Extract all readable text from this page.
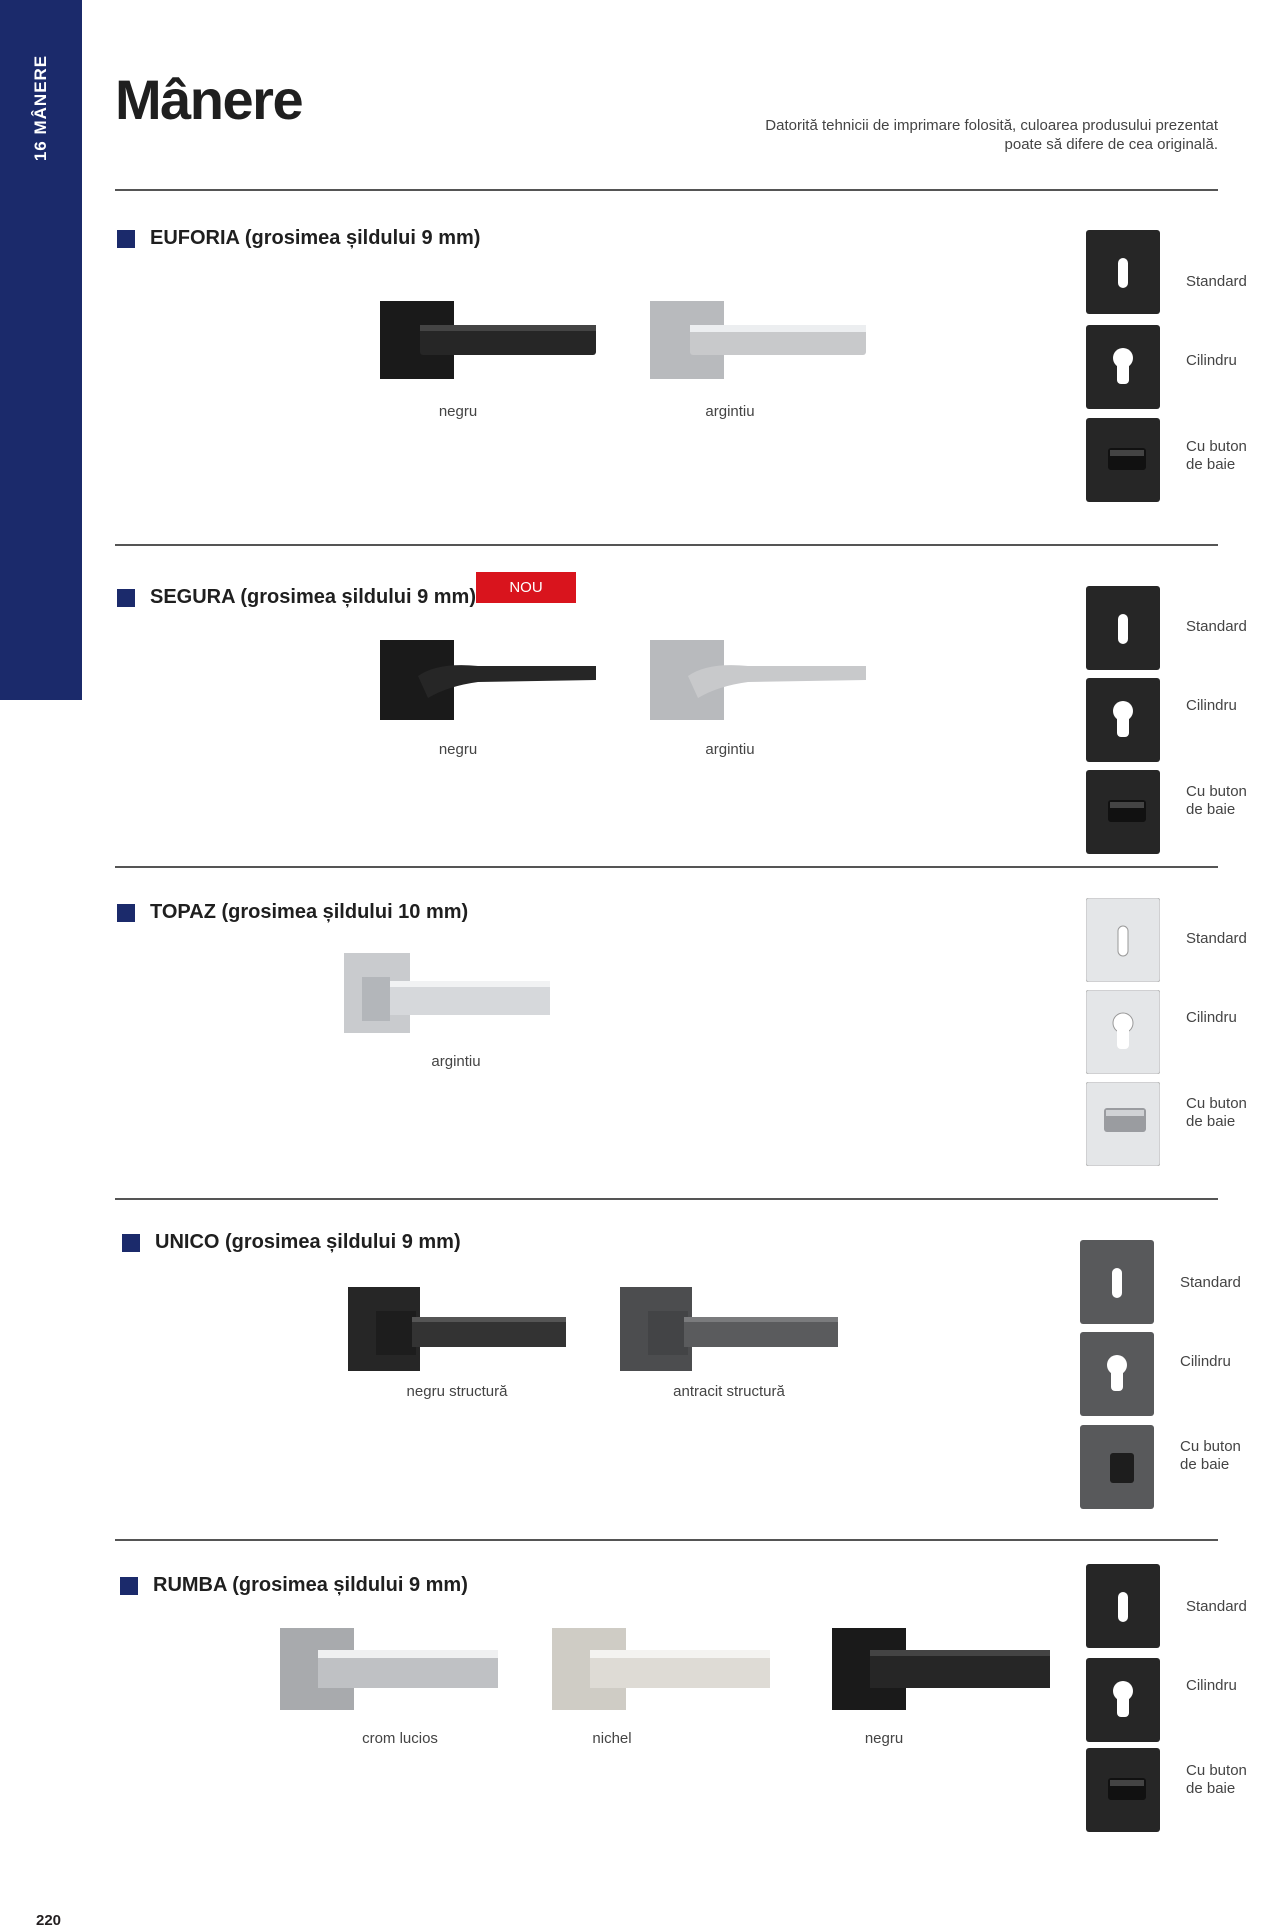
16 MÂNERE Mânere	Datorită tehnicii de imprimare folosită, culoarea produsului prezentat
poate să difere de cea originală.
EUFORIA (grosimea șildului 9 mm)
negru	argintiu
Standard
Cilindru
Cu buton
de baie
SEGURA (grosimea șildului 9 mm)	NOU
negru	argintiu
Standard
Cilindru
Cu buton
de baie
TOPAZ (grosimea șildului 10 mm)
argintiu
Standard
Cilindru
Cu buton
de baie
UNICO (grosimea șildului 9 mm)
negru structură	antracit structură
Standard
Cilindru
Cu buton
de baie
RUMBA (grosimea șildului 9 mm)
crom lucios	nichel	negru
Standard
Cilindru
Cu buton
de baie
220
